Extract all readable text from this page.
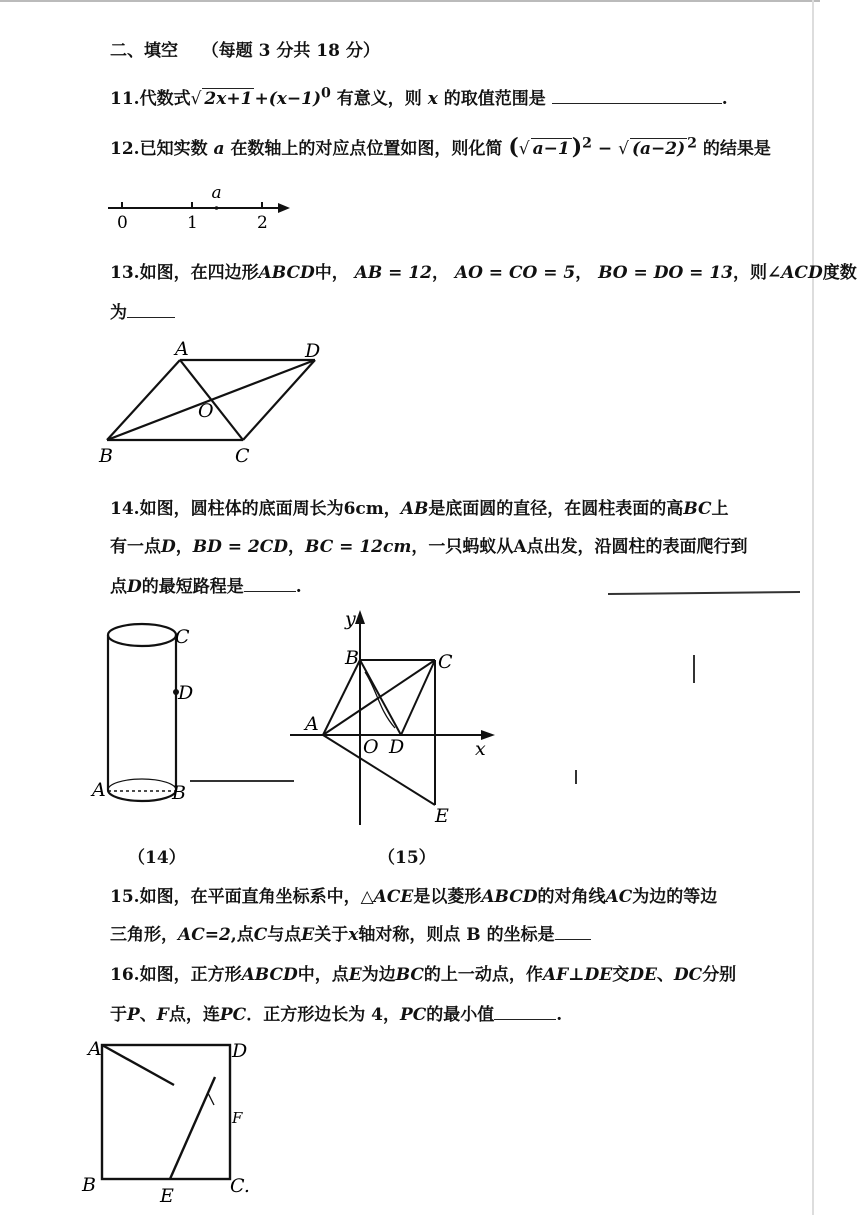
二、填空 （每题 3 分共 18 分）
11.代数式√ $2x+1 +(x-1)^0$ 有意义，则 x 的取值范围是	.
12.已知实数 a 在数轴上的对应点位置如图，则化简 (√ a−1)$^2$ − √ (a−2) $^2$ 的结果是
0	1	2
a
13.如图，在四边形ABCD中， AB = 12， AO = CO = 5， BO = DO = 13，则∠ACD度数
为
A	D
O
B	C
14.如图，圆柱体的底面周长为6cm，AB是底面圆的直径，在圆柱表面的高BC上
有一点D，BD = 2CD，BC = 12cm，一只蚂蚁从A点出发，沿圆柱的表面爬行到
点D的最短路程是	.
C
D
A	B
y
x
B	C
A
O D
E
（14）	（15）
15.如图，在平面直角坐标系中，△ACE是以菱形ABCD的对角线AC为边的等边
三角形，AC=2,点C与点E关于x轴对称，则点 B 的坐标是
16.如图，正方形ABCD中，点E为边BC的上一动点，作AF⊥DE交DE、DC分别
于P、F点，连PC．正方形边长为 4，PC的最小值	.
A	D
F
B	E	C.
